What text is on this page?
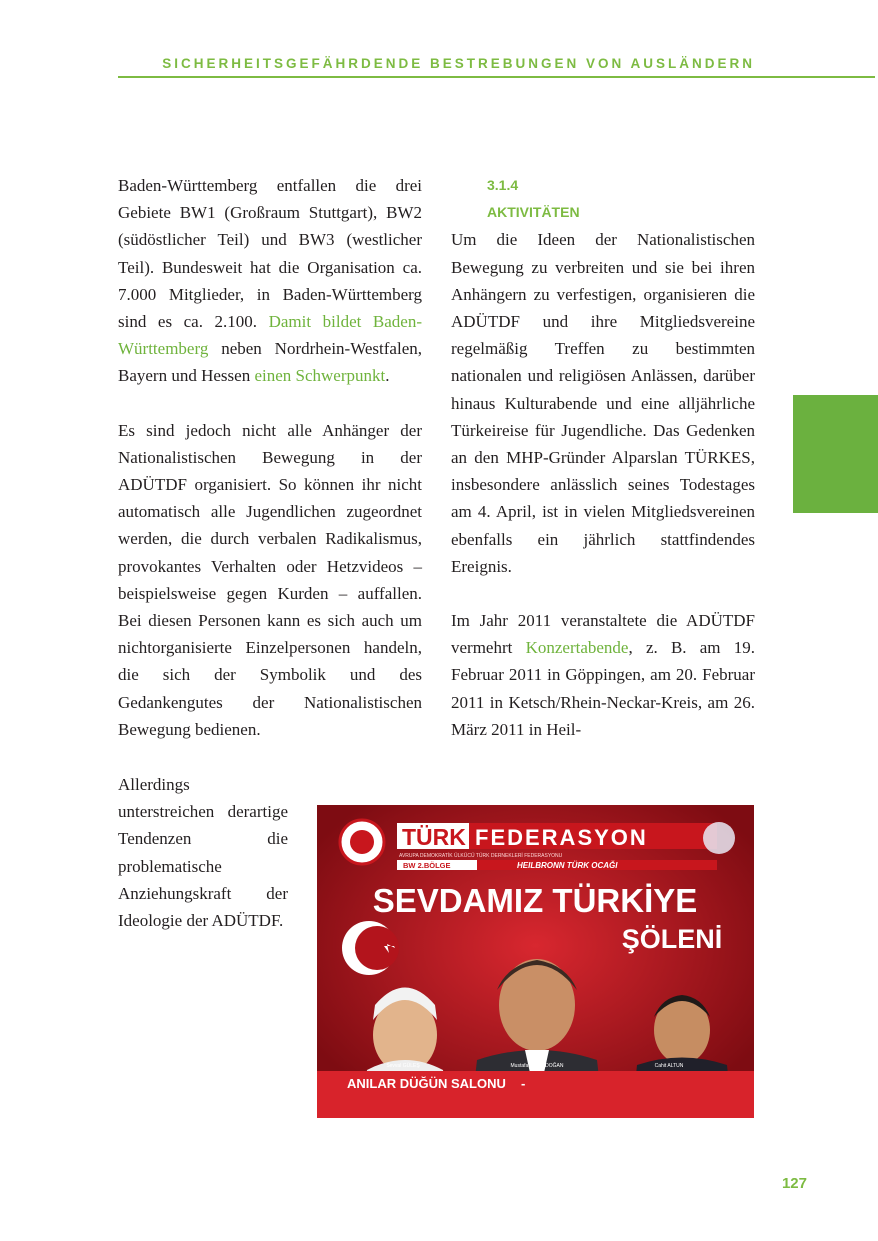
SICHERHEITSGEFÄHRDENDE BESTREBUNGEN VON AUSLÄNDERN

Baden-Württemberg entfallen die drei Gebiete BW1 (Großraum Stuttgart), BW2 (südöstlicher Teil) und BW3 (westlicher Teil). Bundesweit hat die Organisation ca. 7.000 Mitglieder, in Baden-Württemberg sind es ca. 2.100. Damit bildet Baden-Württemberg neben Nordrhein-Westfalen, Bayern und Hessen einen Schwerpunkt.

Es sind jedoch nicht alle Anhänger der Nationalistischen Bewegung in der ADÜTDF organisiert. So können ihr nicht automatisch alle Jugendlichen zugeordnet werden, die durch verbalen Radikalismus, provokantes Verhalten oder Hetzvideos – beispielsweise gegen Kurden – auffallen. Bei diesen Personen kann es sich auch um nichtorganisierte Einzelpersonen handeln, die sich der Symbolik und des Gedankengutes der Nationalistischen Bewegung bedienen.

Allerdings unterstreichen derartige Tendenzen die problematische Anziehungskraft der Ideologie der ADÜTDF.
3.1.4
AKTIVITÄTEN

Um die Ideen der Nationalistischen Bewegung zu verbreiten und sie bei ihren Anhängern zu verfestigen, organisieren die ADÜTDF und ihre Mitgliedsvereine regelmäßig Treffen zu bestimmten nationalen und religiösen Anlässen, darüber hinaus Kulturabende und eine alljährliche Türkeireise für Jugendliche. Das Gedenken an den MHP-Gründer Alparslan TÜRKES, insbesondere anlässlich seines Todestages am 4. April, ist in vielen Mitgliedsvereinen ebenfalls ein jährlich stattfindendes Ereignis.

Im Jahr 2011 veranstaltete die ADÜTDF vermehrt Konzertabende, z. B. am 19. Februar 2011 in Göppingen, am 20. Februar 2011 in Ketsch/Rhein-Neckar-Kreis, am 26. März 2011 in Heil-

TÜRK FEDERASYON
AVRUPA DEMOKRATİK ÜLKÜCÜ TÜRK DERNEKLERİ FEDERASYONU
BW 2.BÖLGE	HEILBRONN TÜRK OCAĞI
SEVDAMIZ TÜRKİYE
ŞÖLENİ
Sevval GÜLEŞ	Mustafa YILDIZDOĞAN	Cahit ALTUN
ANILAR DÜĞÜN SALONU -
127
